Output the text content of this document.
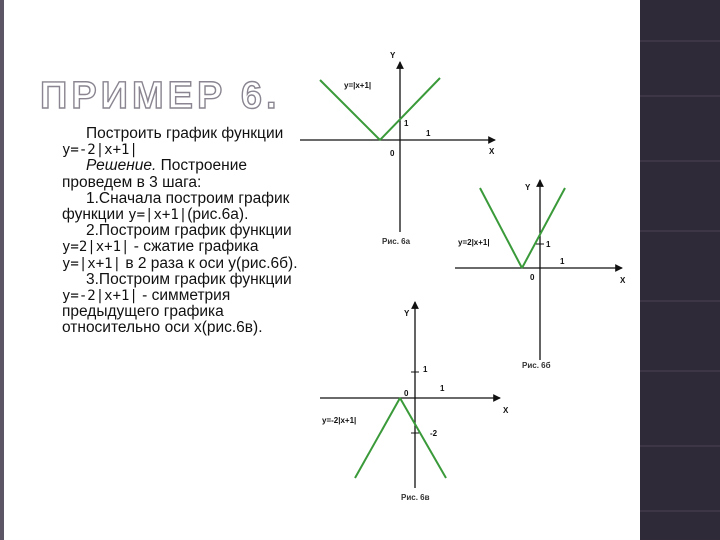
ПРИМЕР 6.

Построить график функции y=-2|x+1|

Решение. Построение проведем в 3 шага:

1.Сначала построим график функции y=|x+1|(рис.6а).

2.Построим график функции y=2|x+1| - сжатие графика y=|x+1| в 2 раза к оси у(рис.6б).

3.Построим график функции y=-2|x+1| - симметрия предыдущего графика относительно оси х(рис.6в).

Y
y=|x+1|
1
1
0	X
Рис. 6а
Y
y=2|x+1|	1
1
0	X
Рис. 6б
Y
1
1
0
X
y=-2|x+1|
-2
Рис. 6в
